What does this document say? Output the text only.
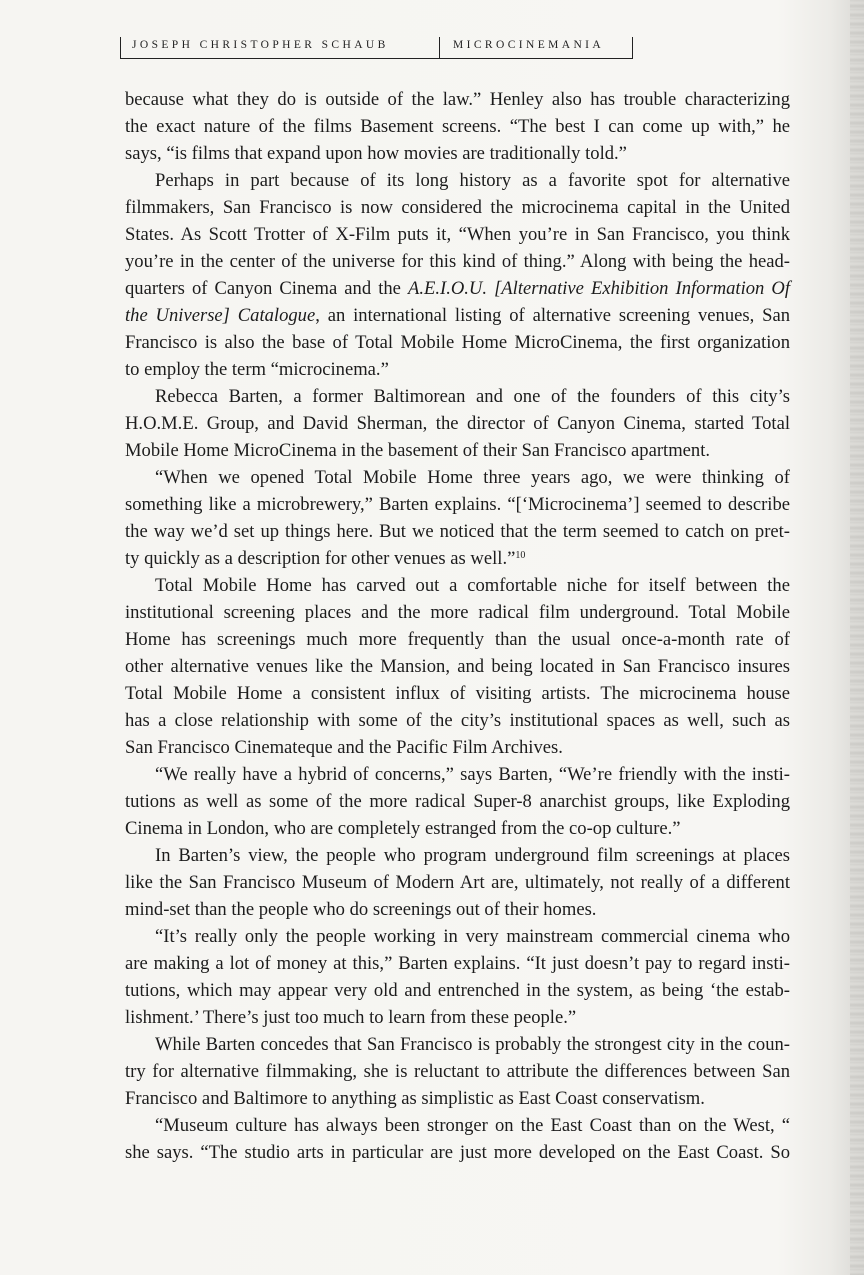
JOSEPH CHRISTOPHER SCHAUB	MICROCINEMANIA
because what they do is outside of the law.” Henley also has trouble characterizing
the exact nature of the films Basement screens. “The best I can come up with,” he
says, “is films that expand upon how movies are traditionally told.”
Perhaps in part because of its long history as a favorite spot for alternative
filmmakers, San Francisco is now considered the microcinema capital in the United
States. As Scott Trotter of X-Film puts it, “When you’re in San Francisco, you think
you’re in the center of the universe for this kind of thing.” Along with being the head-
quarters of Canyon Cinema and the A.E.I.O.U. [Alternative Exhibition Information Of
the Universe] Catalogue, an international listing of alternative screening venues, San
Francisco is also the base of Total Mobile Home MicroCinema, the first organization
to employ the term “microcinema.”
Rebecca Barten, a former Baltimorean and one of the founders of this city’s
H.O.M.E. Group, and David Sherman, the director of Canyon Cinema, started Total
Mobile Home MicroCinema in the basement of their San Francisco apartment.
“When we opened Total Mobile Home three years ago, we were thinking of
something like a microbrewery,” Barten explains. “[‘Microcinema’] seemed to describe
the way we’d set up things here. But we noticed that the term seemed to catch on pret-
ty quickly as a description for other venues as well.”$^{10}$
Total Mobile Home has carved out a comfortable niche for itself between the
institutional screening places and the more radical film underground. Total Mobile
Home has screenings much more frequently than the usual once-a-month rate of
other alternative venues like the Mansion, and being located in San Francisco insures
Total Mobile Home a consistent influx of visiting artists. The microcinema house
has a close relationship with some of the city’s institutional spaces as well, such as
San Francisco Cinemateque and the Pacific Film Archives.
“We really have a hybrid of concerns,” says Barten, “We’re friendly with the insti-
tutions as well as some of the more radical Super-8 anarchist groups, like Exploding
Cinema in London, who are completely estranged from the co-op culture.”
In Barten’s view, the people who program underground film screenings at places
like the San Francisco Museum of Modern Art are, ultimately, not really of a different
mind-set than the people who do screenings out of their homes.
“It’s really only the people working in very mainstream commercial cinema who
are making a lot of money at this,” Barten explains. “It just doesn’t pay to regard insti-
tutions, which may appear very old and entrenched in the system, as being ‘the estab-
lishment.’ There’s just too much to learn from these people.”
While Barten concedes that San Francisco is probably the strongest city in the coun-
try for alternative filmmaking, she is reluctant to attribute the differences between San
Francisco and Baltimore to anything as simplistic as East Coast conservatism.
“Museum culture has always been stronger on the East Coast than on the West, “
she says. “The studio arts in particular are just more developed on the East Coast. So
